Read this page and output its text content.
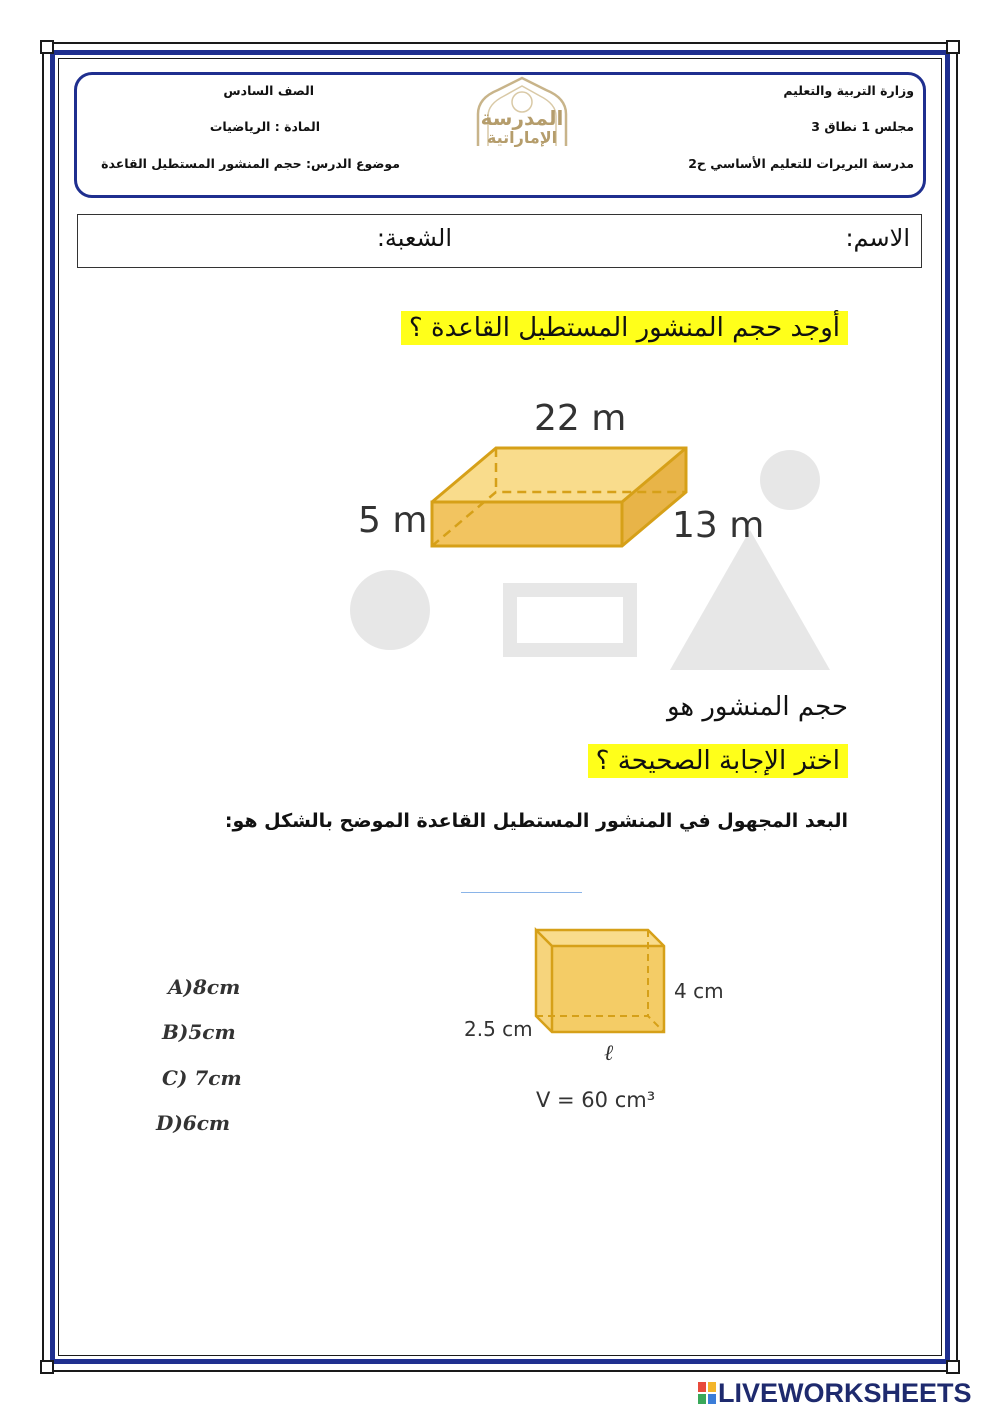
وزارة التربية والتعليم
مجلس 1 نطاق 3
مدرسة البريرات للتعليم الأساسي ح2
الصف السادس
المادة : الرياضيات
موضوع الدرس: حجم المنشور المستطيل القاعدة
المدرسة
الإماراتية
الاسم:
الشعبة:
أوجد حجم المنشور المستطيل القاعدة ؟
22 m
5 m	13 m
حجم المنشور هو
اختر الإجابة الصحيحة ؟
البعد المجهول في المنشور المستطيل القاعدة الموضح بالشكل هو:
4 cm
2.5 cm
ℓ
V = 60 cm³
A)8cm
B)5cm
C) 7cm
D)6cm
LIVEWORKSHEETS
